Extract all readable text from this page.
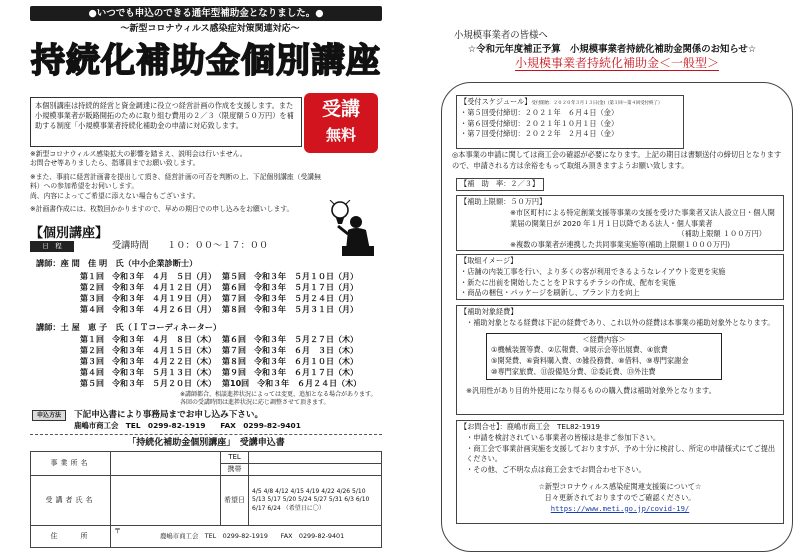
●いつでも申込のできる通年型補助金となりました。●
～新型コロナウィルス感染症対策関連対応～
持続化補助金個別講座
本個別講座は持続的経営と資金調達に役立つ経営計画の作成を支援します。また小規模事業者が販路開拓のために取り組む費用の２／３（限度額５０万円）を補助する制度「小規模事業者持続化補助金の申請に対応致します。
受講
無料
※新型コロナウィルス感染拡大の影響を踏まえ、説明会は行いません。
お問合せ等ありましたら、指導員までお願い致します。
※また、事前に経営計画書を提出して頂き、経営計画の可否を判断の上、下記個別講座（受講無料）への参加希望をお伺いします。
尚、内容によってご希望に添えない場合もございます。
※計画書作成には、枚数回かかりますので、早めの期日での申し込みをお願いします。
【個別講座】
日　程	受講時間　　１０：００～１７：００
講師：座 間　佳 明　氏（中小企業診断士）
第１回　令和３年　４月　５日（月） 第５回　令和３年　５月１０日（月）
第２回　令和３年　４月１２日（月） 第６回　令和３年　５月１７日（月）
第３回　令和３年　４月１９日（月） 第７回　令和３年　５月２４日（月）
第４回　令和３年　４月２６日（月） 第８回　令和３年　５月３１日（月）
講師：土 屋　恵 子　氏（ＩＴコーディネーター）
第１回　令和３年　４月　８日（木） 第６回　令和３年　５月２７日（木）
第２回　令和３年　４月１５日（木） 第７回　令和３年　６月　３日（木）
第３回　令和３年　４月２２日（木） 第８回　令和３年　６月１０日（木）
第４回　令和３年　５月１３日（木） 第９回　令和３年　６月１７日（木）
第５回　令和３年　５月２０日（木） 第10回　令和３年　６月２４日（木）
※講師都合、相談進捗状況によっては変更、追加となる場合があります。
各回の受講時間は進捗状況に応じ調整させて頂きます。
申込方法	下記申込書により事務局までお申し込み下さい。
鹿嶋市商工会　TEL　0299-82-1919　　FAX　0299-82-9401
「持続化補助金個別講座」　受講申込書
事業所名		TEL	
		携帯	
受講者氏名		希望日	4/5 4/8 4/12 4/15 4/19 4/22 4/26 5/10 5/13 5/17 5/20 5/24 5/27 5/31 6/3 6/10 6/17 6/24 （希望日に〇）
住　　所	〒		
鹿嶋市商工会　TEL　0299-82-1919　　FAX　0299-82-9401
小規模事業者の皆様へ
☆令和元年度補正予算　小規模事業者持続化補助金関係のお知らせ☆
小規模事業者持続化補助金＜一般型＞
【受付スケジュール】受付開始：２０２０年３月１３日(金)（第１回～第４回受付終了）
・第５回受付締切：２０２１年　６月４日（金）
・第６回受付締切：２０２１年１０月１日（金）
・第７回受付締切：２０２２年　２月４日（金）
◎本事業の申請に関しては商工会の確認が必要になります。上記の期日は書類送付の締切日となりますので、申請される方は余裕をもって取組み頂きますようお願い致します。
【補　助　率：２／３】
【補助上限額：５０万円】
※市区町村による特定創業支援等事業の支援を受けた事業者又法人設立日・個人開業届の開業日が 2020 年１月１日以降である法人・個人事業者
（補助上限額 １００万円）
※複数の事業者が連携した共同事業実施等(補助上限額１０００万円)
【取組イメージ】
・店舗の内装工事を行い、より多くの客が利用できるようなレイアウト変更を実施
・新たに出前を開始したことをＰＲするチラシの作成、配布を実施
・商品の梱包・パッケージを刷新し、ブランド力を向上
【補助対象経費】
・補助対象となる経費は下記の経費であり、これ以外の経費は本事業の補助対象外となります。
＜経費内容＞
①機械装置等費、②広報費、③展示会等出展費、④旅費
⑤開発費、⑥資料購入費、⑦雑役務費、⑧借料、⑨専門家謝金
⑩専門家旅費、⑪設備処分費、⑫委託費、⑬外注費
※汎用性があり目的外使用になり得るものの購入費は補助対象外となります。
【お問合せ】：鹿嶋市商工会　TEL82-1919
・申請を検討されている事業者の皆様は是非ご参加下さい。
・商工会で事業計画実施を支援しておりますが、予め十分に検討し、所定の申請様式にてご提出ください。
・その他、ご不明な点は商工会までお問合わせ下さい。
☆新型コロナウィルス感染症関連支援策について☆
日々更新されておりますのでご確認ください。
https://www.meti.go.jp/covid-19/
